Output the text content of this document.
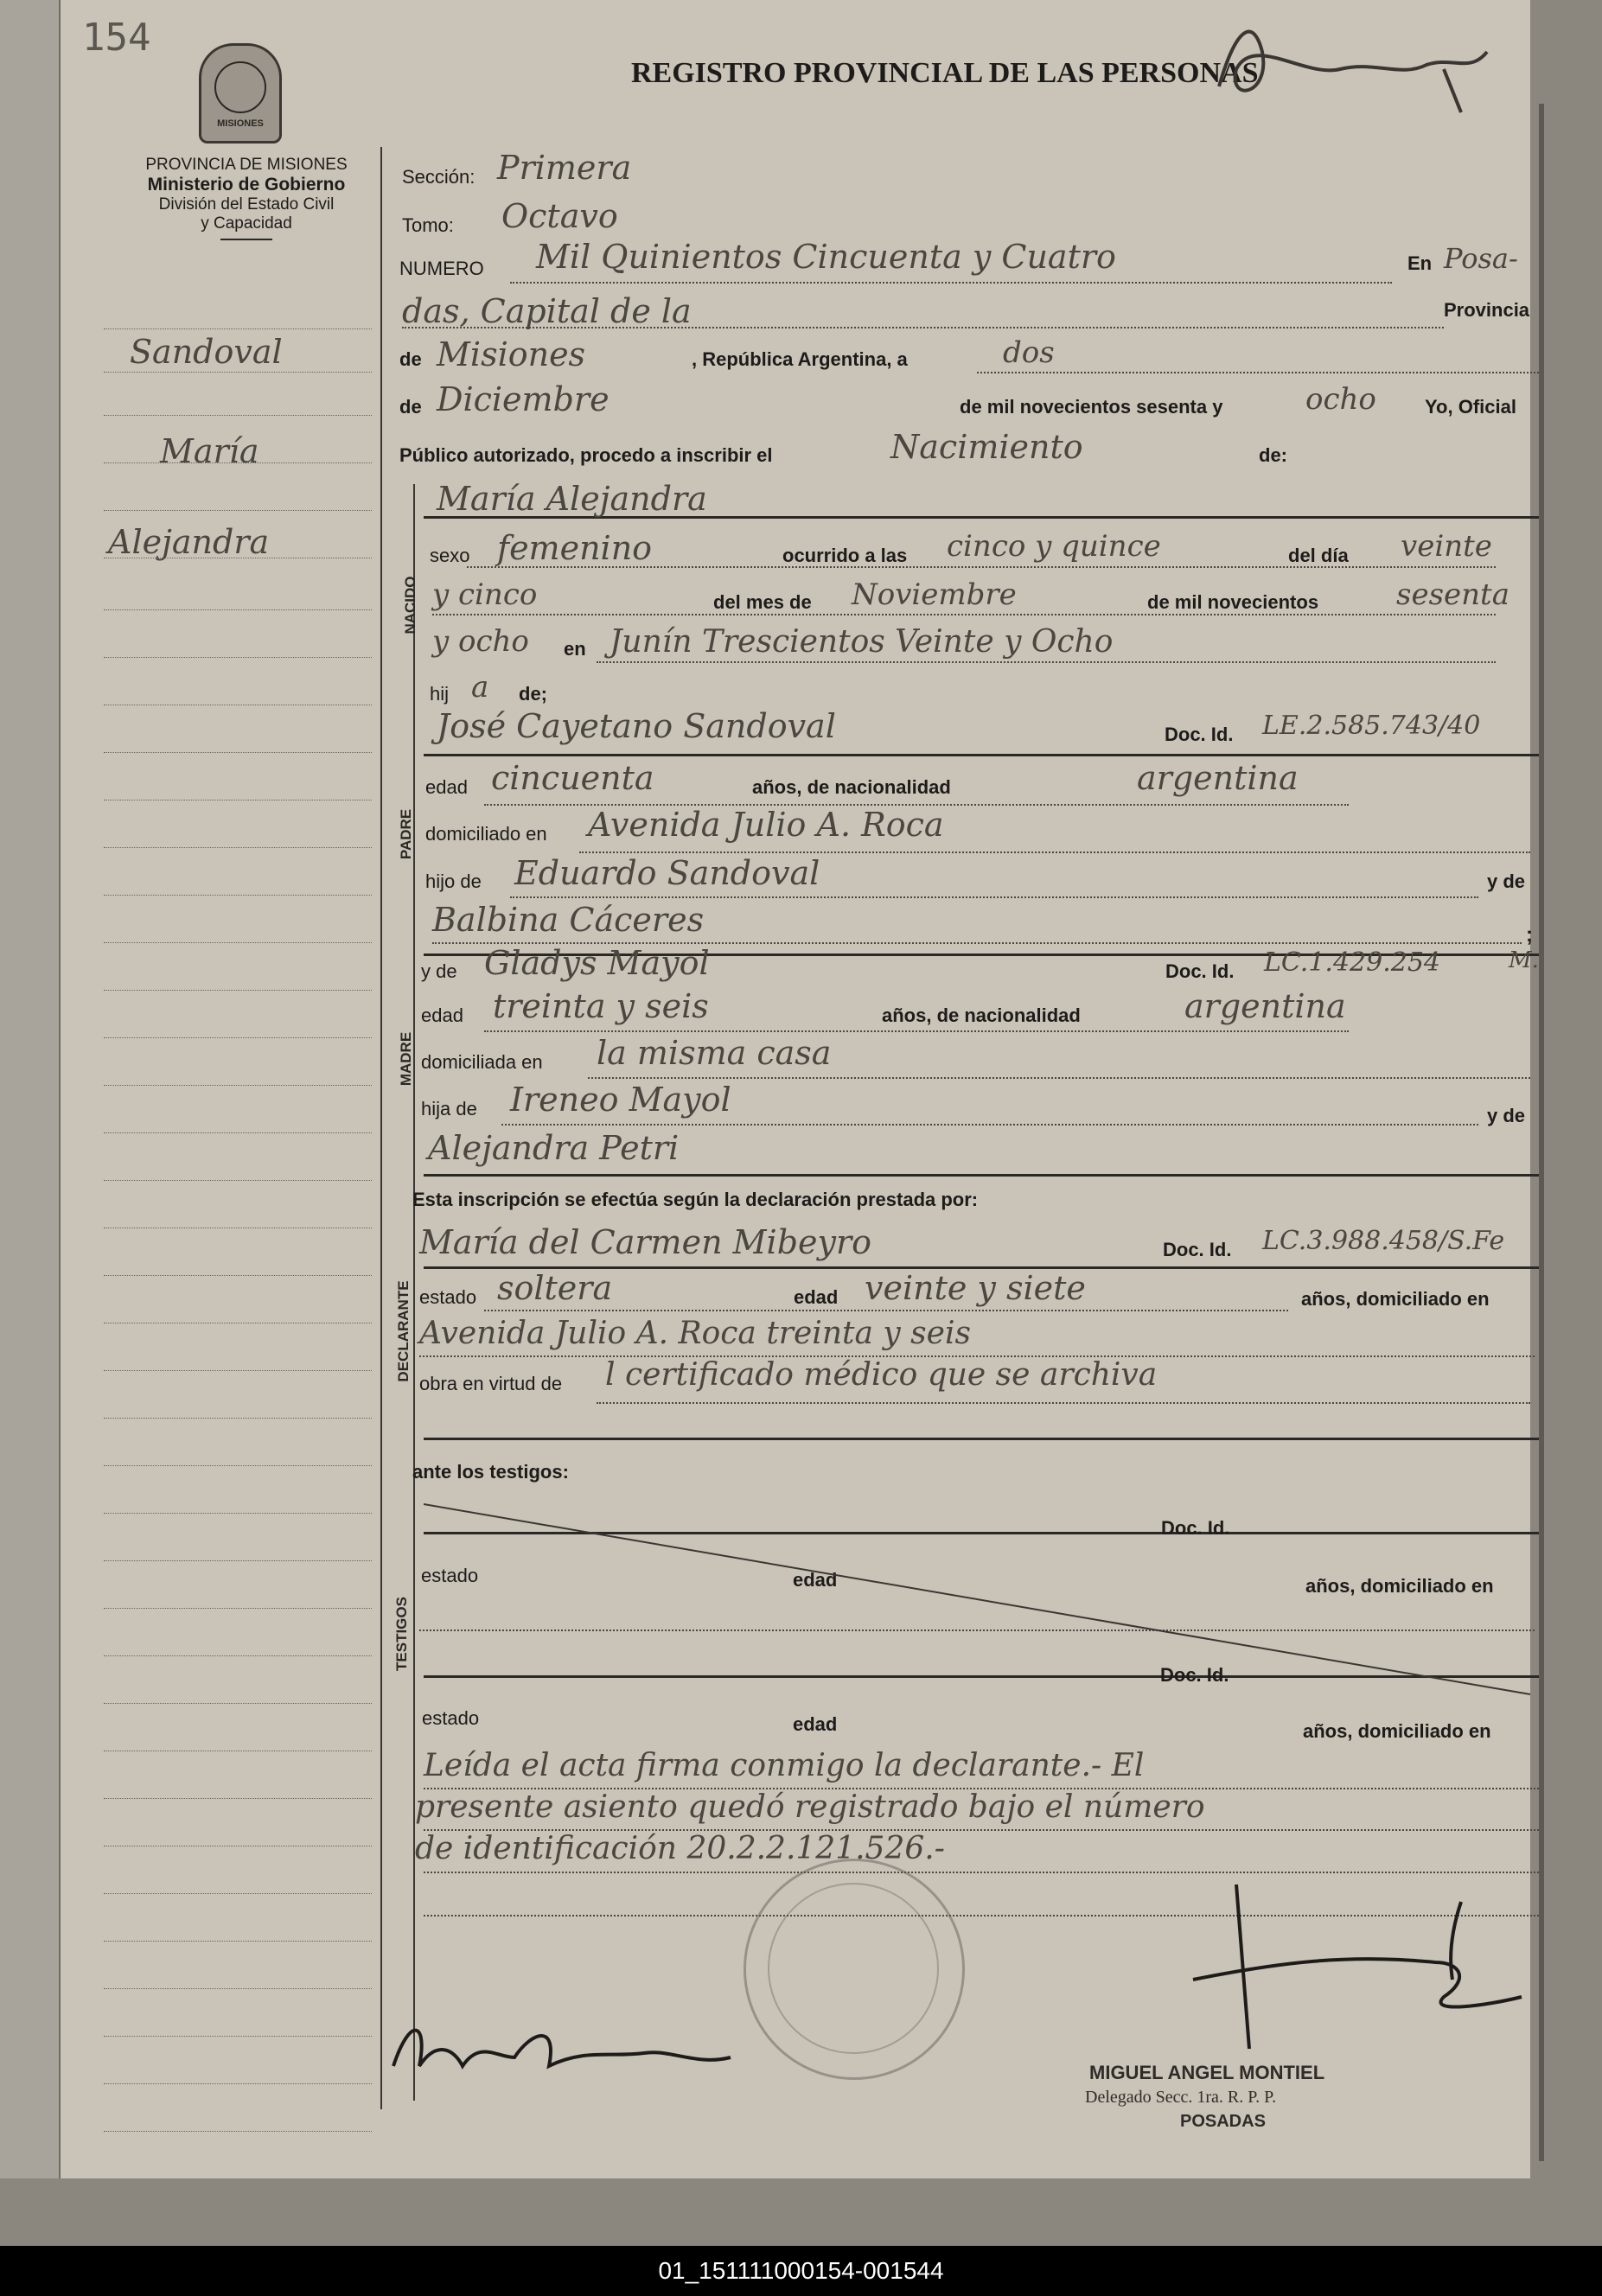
154
MISIONES
REGISTRO PROVINCIAL DE LAS PERSONAS
PROVINCIA DE MISIONES
Ministerio de Gobierno
División del Estado Civil
y Capacidad
Sandoval
María
Alejandra
Sección: Primera
Tomo: Octavo
NUMERO Mil Quinientos Cincuenta y Cuatro	En Posa-
das, Capital de la	Provincia
de Misiones	, República Argentina, a	dos
de Diciembre	de mil novecientos sesenta y	ocho	Yo, Oficial
Público autorizado, procedo a inscribir el	Nacimiento	de:
NACIDO
PADRE
MADRE
DECLARANTE
TESTIGOS
María Alejandra
sexo femenino	ocurrido a las cinco y quince	del día veinte
y cinco	del mes de Noviembre	de mil novecientos	sesenta
y ocho en Junín Trescientos Veinte y Ocho
hij a de;
José Cayetano Sandoval	Doc. Id. LE.2.585.743/40
edad cincuenta	años, de nacionalidad	argentina
domiciliado en Avenida Julio A. Roca
hijo de Eduardo Sandoval	y de
Balbina Cáceres	;
y de Gladys Mayol	Doc. Id. LC.1.429.254	M.
edad treinta y seis	años, de nacionalidad	argentina
domiciliada en la misma casa
hija de Ireneo Mayol	y de
Alejandra Petri
Esta inscripción se efectúa según la declaración prestada por:
María del Carmen Mibeyro	Doc. Id. LC.3.988.458/S.Fe
estado soltera	edad veinte y siete	años, domiciliado en
Avenida Julio A. Roca treinta y seis
obra en virtud de l certificado médico que se archiva
ante los testigos:
Doc. Id.
estado	edad	años, domiciliado en
Doc. Id.
estado	edad	años, domiciliado en
Leída el acta firma conmigo la declarante.- El
presente asiento quedó registrado bajo el número
de identificación 20.2.2.121.526.-
MIGUEL ANGEL MONTIEL
Delegado Secc. 1ra. R. P. P.
POSADAS
01_151111000154-001544
